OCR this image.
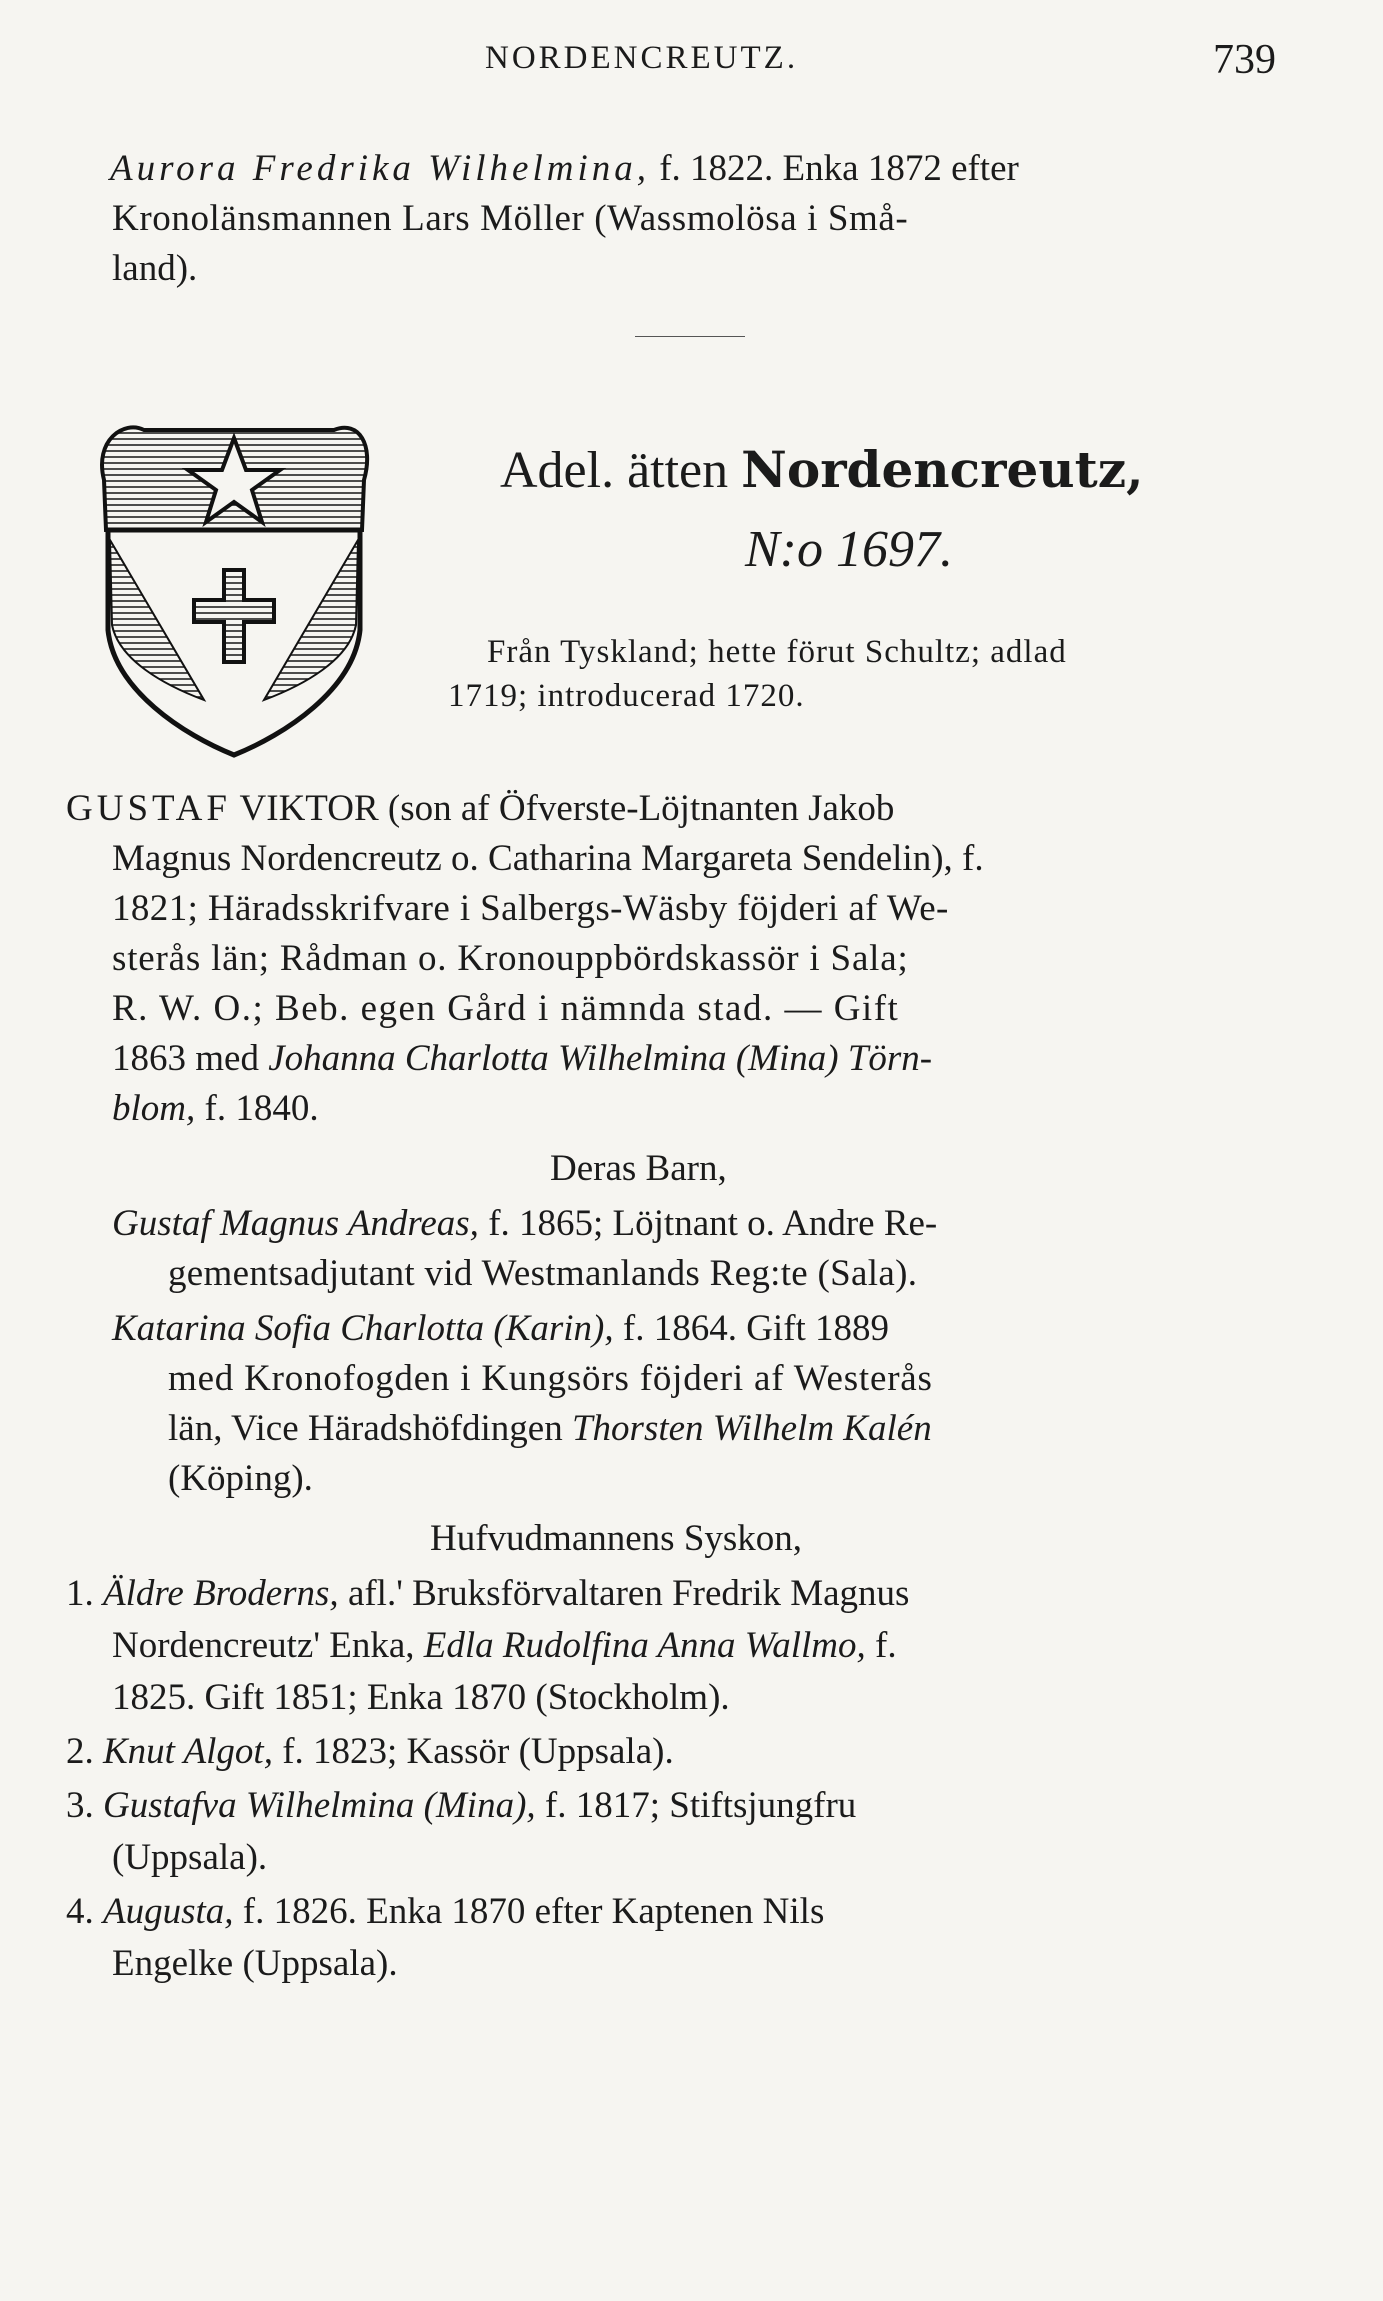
NORDENCREUTZ.	739
Aurora Fredrika Wilhelmina, f. 1822. Enka 1872 efter
Kronolänsmannen Lars Möller (Wassmolösa i Små-
land).
Adel. ätten Nordencreutz,
N:o 1697.
Från Tyskland; hette förut Schultz; adlad
1719; introducerad 1720.
GUSTAF VIKTOR (son af Öfverste-Löjtnanten Jakob
Magnus Nordencreutz o. Catharina Margareta Sendelin), f.
1821; Häradsskrifvare i Salbergs-Wäsby föjderi af We-
sterås län; Rådman o. Kronouppbördskassör i Sala;
R. W. O.; Beb. egen Gård i nämnda stad. — Gift
1863 med Johanna Charlotta Wilhelmina (Mina) Törn-
blom, f. 1840.
Deras Barn,
Gustaf Magnus Andreas, f. 1865; Löjtnant o. Andre Re-
gementsadjutant vid Westmanlands Reg:te (Sala).
Katarina Sofia Charlotta (Karin), f. 1864. Gift 1889
med Kronofogden i Kungsörs föjderi af Westerås
län, Vice Häradshöfdingen Thorsten Wilhelm Kalén
(Köping).
Hufvudmannens Syskon,
1. Äldre Broderns, afl.' Bruksförvaltaren Fredrik Magnus
Nordencreutz' Enka, Edla Rudolfina Anna Wallmo, f.
1825. Gift 1851; Enka 1870 (Stockholm).
2. Knut Algot, f. 1823; Kassör (Uppsala).
3. Gustafva Wilhelmina (Mina), f. 1817; Stiftsjungfru
(Uppsala).
4. Augusta, f. 1826. Enka 1870 efter Kaptenen Nils
Engelke (Uppsala).
